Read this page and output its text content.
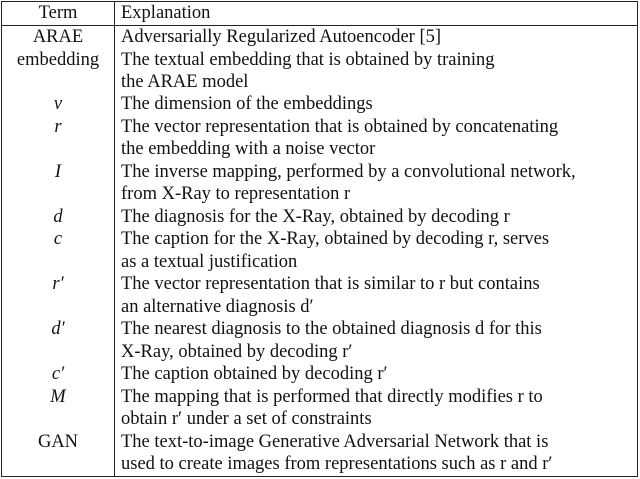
Term	Explanation
ARAE	Adversarially Regularized Autoencoder [5]

embedding	The textual embedding that is obtained by training
the ARAE model

v	The dimension of the embeddings

r	The vector representation that is obtained by concatenating
the embedding with a noise vector

I	The inverse mapping, performed by a convolutional network,
from X-Ray to representation r

d	The diagnosis for the X-Ray, obtained by decoding r

c	The caption for the X-Ray, obtained by decoding r, serves
as a textual justification

r′	The vector representation that is similar to r but contains
an alternative diagnosis d′

d′	The nearest diagnosis to the obtained diagnosis d for this
X-Ray, obtained by decoding r′

c′	The caption obtained by decoding r′

M	The mapping that is performed that directly modifies r to
obtain r′ under a set of constraints

GAN	The text-to-image Generative Adversarial Network that is
used to create images from representations such as r and r′
